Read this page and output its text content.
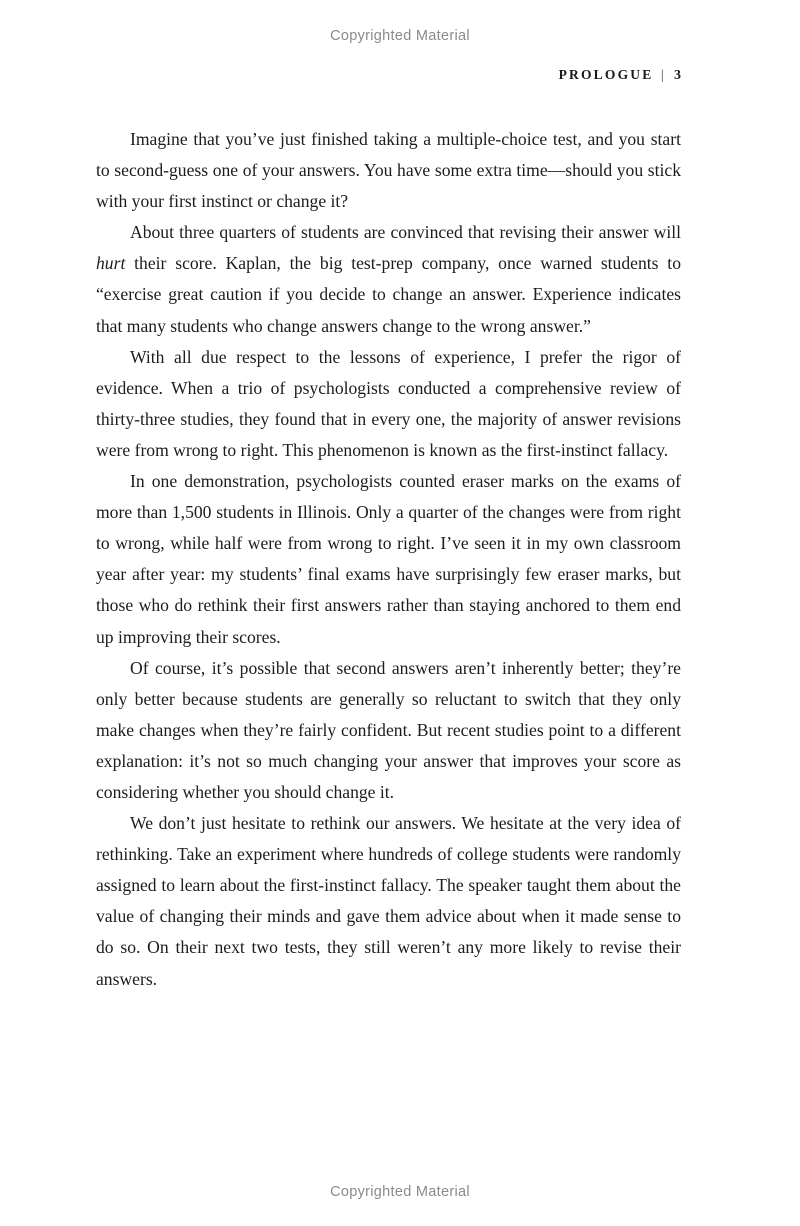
Copyrighted Material
PROLOGUE | 3

Imagine that you’ve just finished taking a multiple-choice test, and you start to second-guess one of your answers. You have some extra time—should you stick with your first instinct or change it?

About three quarters of students are convinced that revising their answer will hurt their score. Kaplan, the big test-prep company, once warned students to “exercise great caution if you decide to change an answer. Experience indicates that many students who change answers change to the wrong answer.”

With all due respect to the lessons of experience, I prefer the rigor of evidence. When a trio of psychologists conducted a comprehensive review of thirty-three studies, they found that in every one, the majority of answer revisions were from wrong to right. This phenomenon is known as the first-instinct fallacy.

In one demonstration, psychologists counted eraser marks on the exams of more than 1,500 students in Illinois. Only a quarter of the changes were from right to wrong, while half were from wrong to right. I’ve seen it in my own classroom year after year: my students’ final exams have surprisingly few eraser marks, but those who do rethink their first answers rather than staying anchored to them end up improving their scores.

Of course, it’s possible that second answers aren’t inherently better; they’re only better because students are generally so reluctant to switch that they only make changes when they’re fairly confident. But recent studies point to a different explanation: it’s not so much changing your answer that improves your score as considering whether you should change it.

We don’t just hesitate to rethink our answers. We hesitate at the very idea of rethinking. Take an experiment where hundreds of college students were randomly assigned to learn about the first-instinct fallacy. The speaker taught them about the value of changing their minds and gave them advice about when it made sense to do so. On their next two tests, they still weren’t any more likely to revise their answers.

Copyrighted Material
